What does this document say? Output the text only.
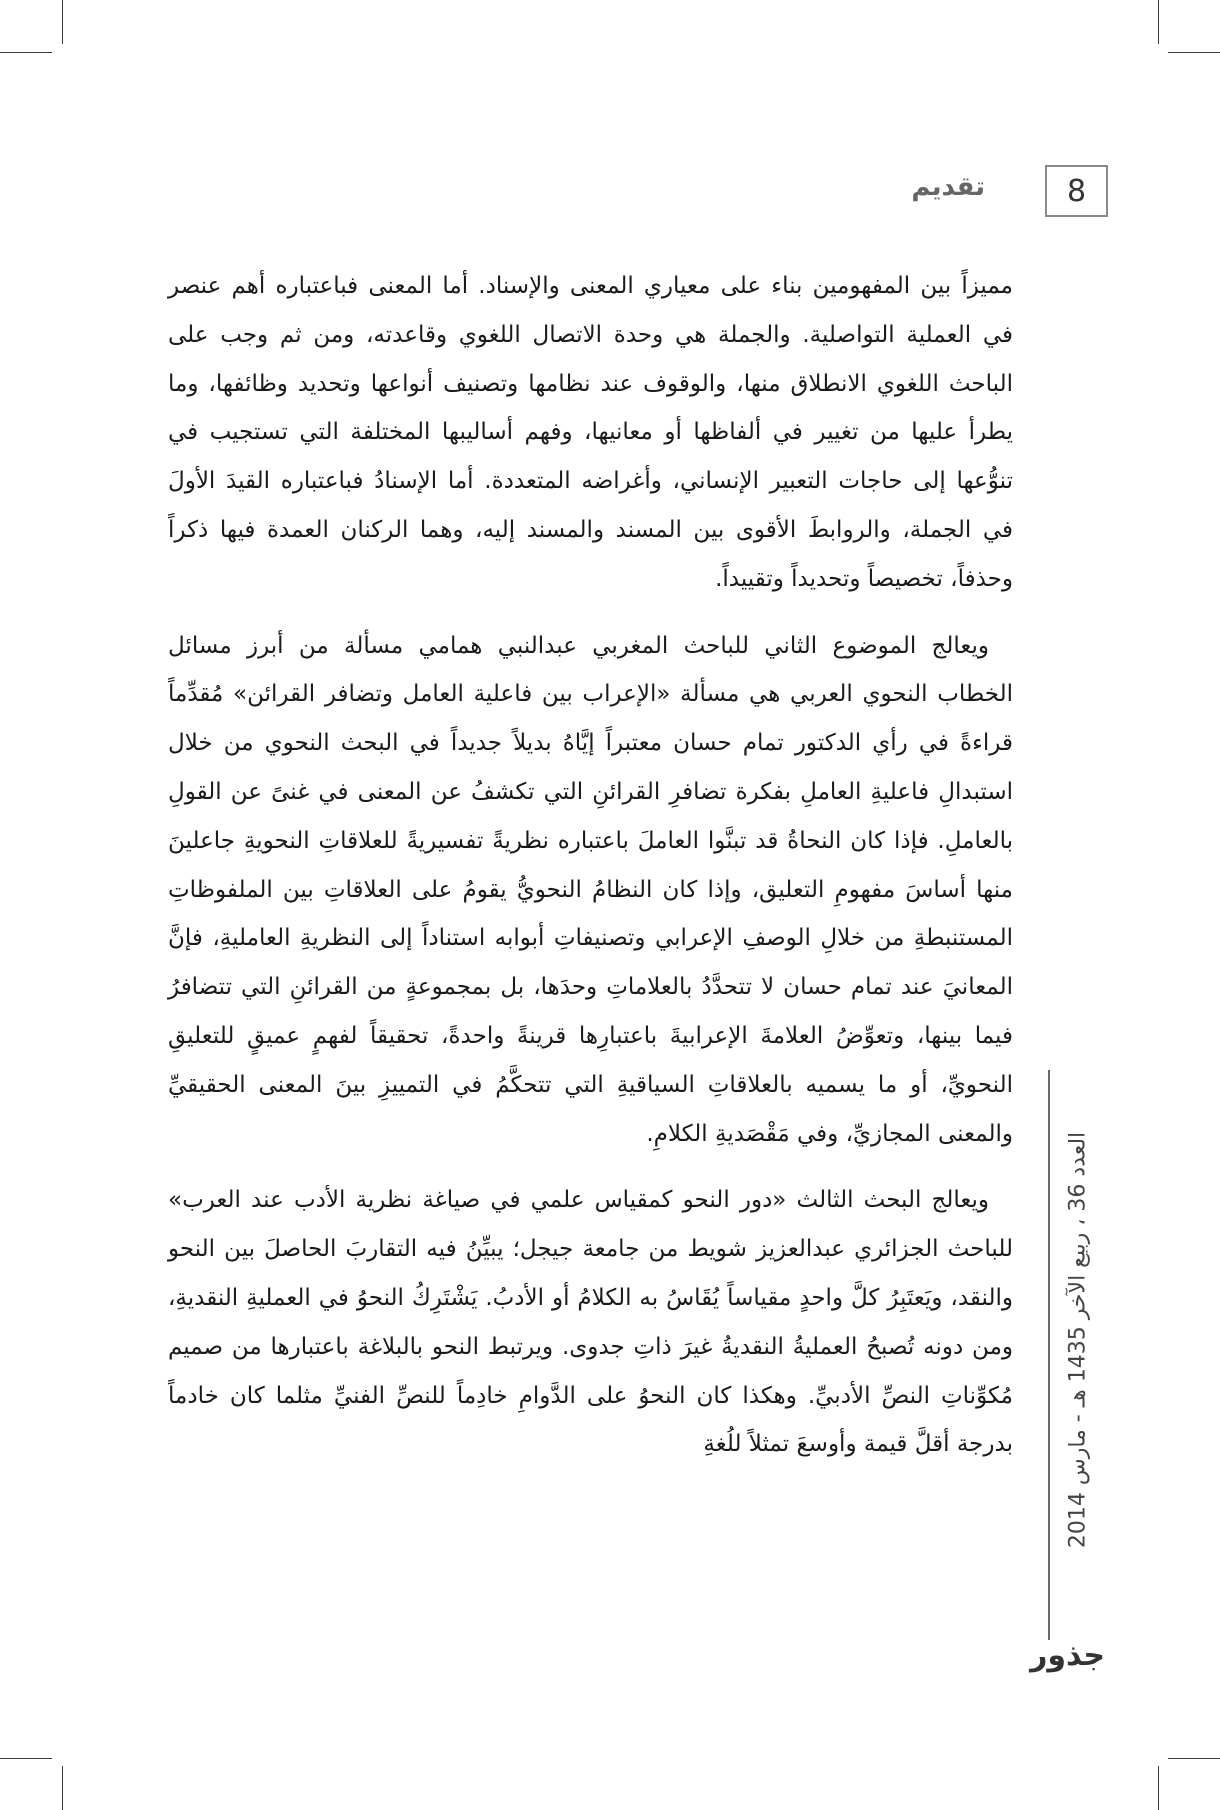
8
تقديم

مميزاً بين المفهومين بناء على معياري المعنى والإسناد. أما المعنى فباعتباره أهم عنصر في العملية التواصلية. والجملة هي وحدة الاتصال اللغوي وقاعدته، ومن ثم وجب على الباحث اللغوي الانطلاق منها، والوقوف عند نظامها وتصنيف أنواعها وتحديد وظائفها، وما يطرأ عليها من تغيير في ألفاظها أو معانيها، وفهم أساليبها المختلفة التي تستجيب في تنوُّعها إلى حاجات التعبير الإنساني، وأغراضه المتعددة. أما الإسنادُ فباعتباره القيدَ الأولَ في الجملة، والروابطَ الأقوى بين المسند والمسند إليه، وهما الركنان العمدة فيها ذكراً وحذفاً، تخصيصاً وتحديداً وتقييداً.

ويعالج الموضوع الثاني للباحث المغربي عبدالنبي همامي مسألة من أبرز مسائل الخطاب النحوي العربي هي مسألة «الإعراب بين فاعلية العامل وتضافر القرائن» مُقدِّماً قراءةً في رأي الدكتور تمام حسان معتبراً إيَّاهُ بديلاً جديداً في البحث النحوي من خلال استبدالِ فاعليةِ العاملِ بفكرة تضافرِ القرائنِ التي تكشفُ عن المعنى في غنىً عن القولِ بالعاملِ. فإذا كان النحاةُ قد تبنَّوا العاملَ باعتباره نظريةً تفسيريةً للعلاقاتِ النحويةِ جاعلينَ منها أساسَ مفهومِ التعليق، وإذا كان النظامُ النحويُّ يقومُ على العلاقاتِ بين الملفوظاتِ المستنبطةِ من خلالِ الوصفِ الإعرابي وتصنيفاتِ أبوابه استناداً إلى النظريةِ العامليةِ، فإنَّ المعانيَ عند تمام حسان لا تتحدَّدُ بالعلاماتِ وحدَها، بل بمجموعةٍ من القرائنِ التي تتضافرُ فيما بينها، وتعوِّضُ العلامةَ الإعرابيةَ باعتبارِها قرينةً واحدةً، تحقيقاً لفهمٍ عميقٍ للتعليقِ النحويِّ، أو ما يسميه بالعلاقاتِ السياقيةِ التي تتحكَّمُ في التمييزِ بينَ المعنى الحقيقيِّ والمعنى المجازيِّ، وفي مَقْصَديةِ الكلامِ.

ويعالج البحث الثالث «دور النحو كمقياس علمي في صياغة نظرية الأدب عند العرب» للباحث الجزائري عبدالعزيز شويط من جامعة جيجل؛ يبيِّنُ فيه التقاربَ الحاصلَ بين النحو والنقد، ويَعتَبِرُ كلَّ واحدٍ مقياساً يُقَاسُ به الكلامُ أو الأدبُ. يَشْتَرِكُ النحوُ في العمليةِ النقديةِ، ومن دونه تُصبحُ العمليةُ النقديةُ غيرَ ذاتِ جدوى. ويرتبط النحو بالبلاغة باعتبارها من صميم مُكوِّناتِ النصِّ الأدبيِّ. وهكذا كان النحوُ على الدَّوامِ خادِماً للنصِّ الفنيِّ مثلما كان خادماً بدرجة أقلَّ قيمة وأوسعَ تمثلاً للُغةِ

العدد 36 ، ربيع الآخر 1435 هـ - مارس 2014
جذور
